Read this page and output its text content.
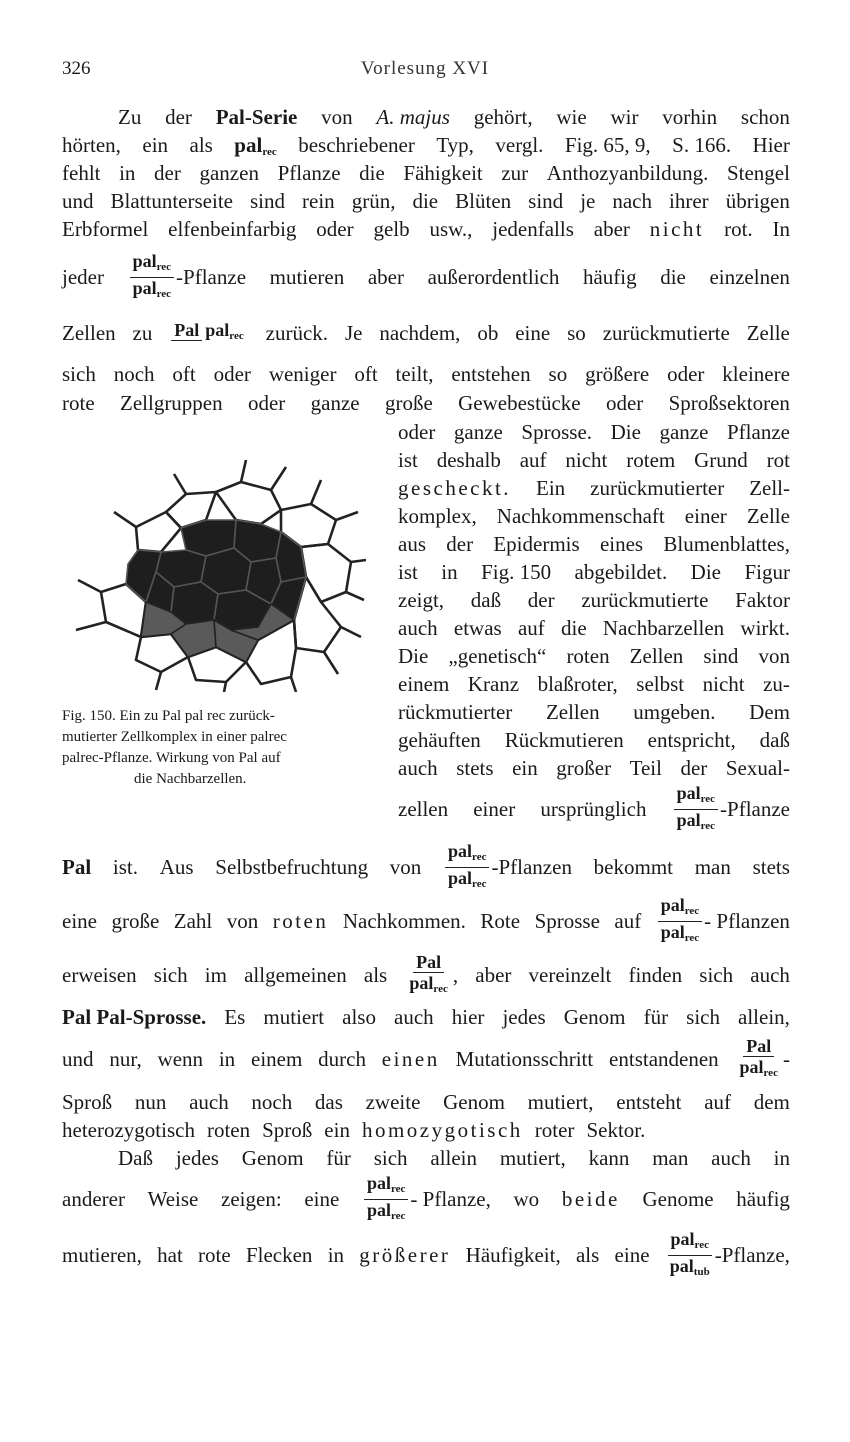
326	Vorlesung XVI
Zu der Pal-Serie von A. majus gehört, wie wir vorhin schon
hörten, ein als pal$_{rec}$ beschriebener Typ, vergl. Fig. 65, 9, S. 166. Hier
fehlt in der ganzen Pflanze die Fähigkeit zur Anthozyanbildung. Stengel
und Blattunterseite sind rein grün, die Blüten sind je nach ihrer übrigen
Erbformel elfenbeinfarbig oder gelb usw., jedenfalls aber nicht rot. In
jeder $\frac{pal_{rec}}{pal_{rec}}$ -Pflanze mutieren aber außerordentlich häufig die einzelnen
Zellen zu Pal pal$_{rec}$ zurück. Je nachdem, ob eine so zurückmutierte Zelle
sich noch oft oder weniger oft teilt, entstehen so größere oder kleinere
rote Zellgruppen oder ganze große Gewebestücke oder Sproßsektoren
oder ganze Sprosse. Die ganze Pflanze
ist deshalb auf nicht rotem Grund rot
gescheckt. Ein zurückmutierter Zell-
komplex, Nachkommenschaft einer Zelle
aus der Epidermis eines Blumenblattes,
ist in Fig. 150 abgebildet. Die Figur
zeigt, daß der zurückmutierte Faktor
auch etwas auf die Nachbarzellen wirkt.
Die „genetisch“ roten Zellen sind von
einem Kranz blaßroter, selbst nicht zu-
rückmutierter Zellen umgeben. Dem
gehäuften Rückmutieren entspricht, daß
auch stets ein großer Teil der Sexual-
zellen einer ursprünglich $\frac{pal_{rec}}{pal_{rec}}$ -Pflanze
Fig. 150. Ein zu Pal pal rec zurück-
mutierter Zellkomplex in einer palrec
palrec-Pflanze. Wirkung von Pal auf
die Nachbarzellen.
Pal ist. Aus Selbstbefruchtung von $\frac{pal_{rec}}{pal_{rec}}$ -Pflanzen bekommt man stets
eine große Zahl von roten Nachkommen. Rote Sprosse auf $\frac{pal_{rec}}{pal_{rec}}$ - Pflanzen
erweisen sich im allgemeinen als $\frac{\text{Pal}}{pal_{rec}}$ , aber vereinzelt finden sich auch
Pal Pal-Sprosse. Es mutiert also auch hier jedes Genom für sich allein,
und nur, wenn in einem durch einen Mutationsschritt entstandenen $\frac{\text{Pal}}{pal_{rec}}$ -
Sproß nun auch noch das zweite Genom mutiert, entsteht auf dem
heterozygotisch roten Sproß ein homozygotisch roter Sektor.
Daß jedes Genom für sich allein mutiert, kann man auch in
anderer Weise zeigen: eine $\frac{pal_{rec}}{pal_{rec}}$ - Pflanze, wo beide Genome häufig
mutieren, hat rote Flecken in größerer Häufigkeit, als eine $\frac{pal_{rec}}{pal_{tub}}$ -Pflanze,
